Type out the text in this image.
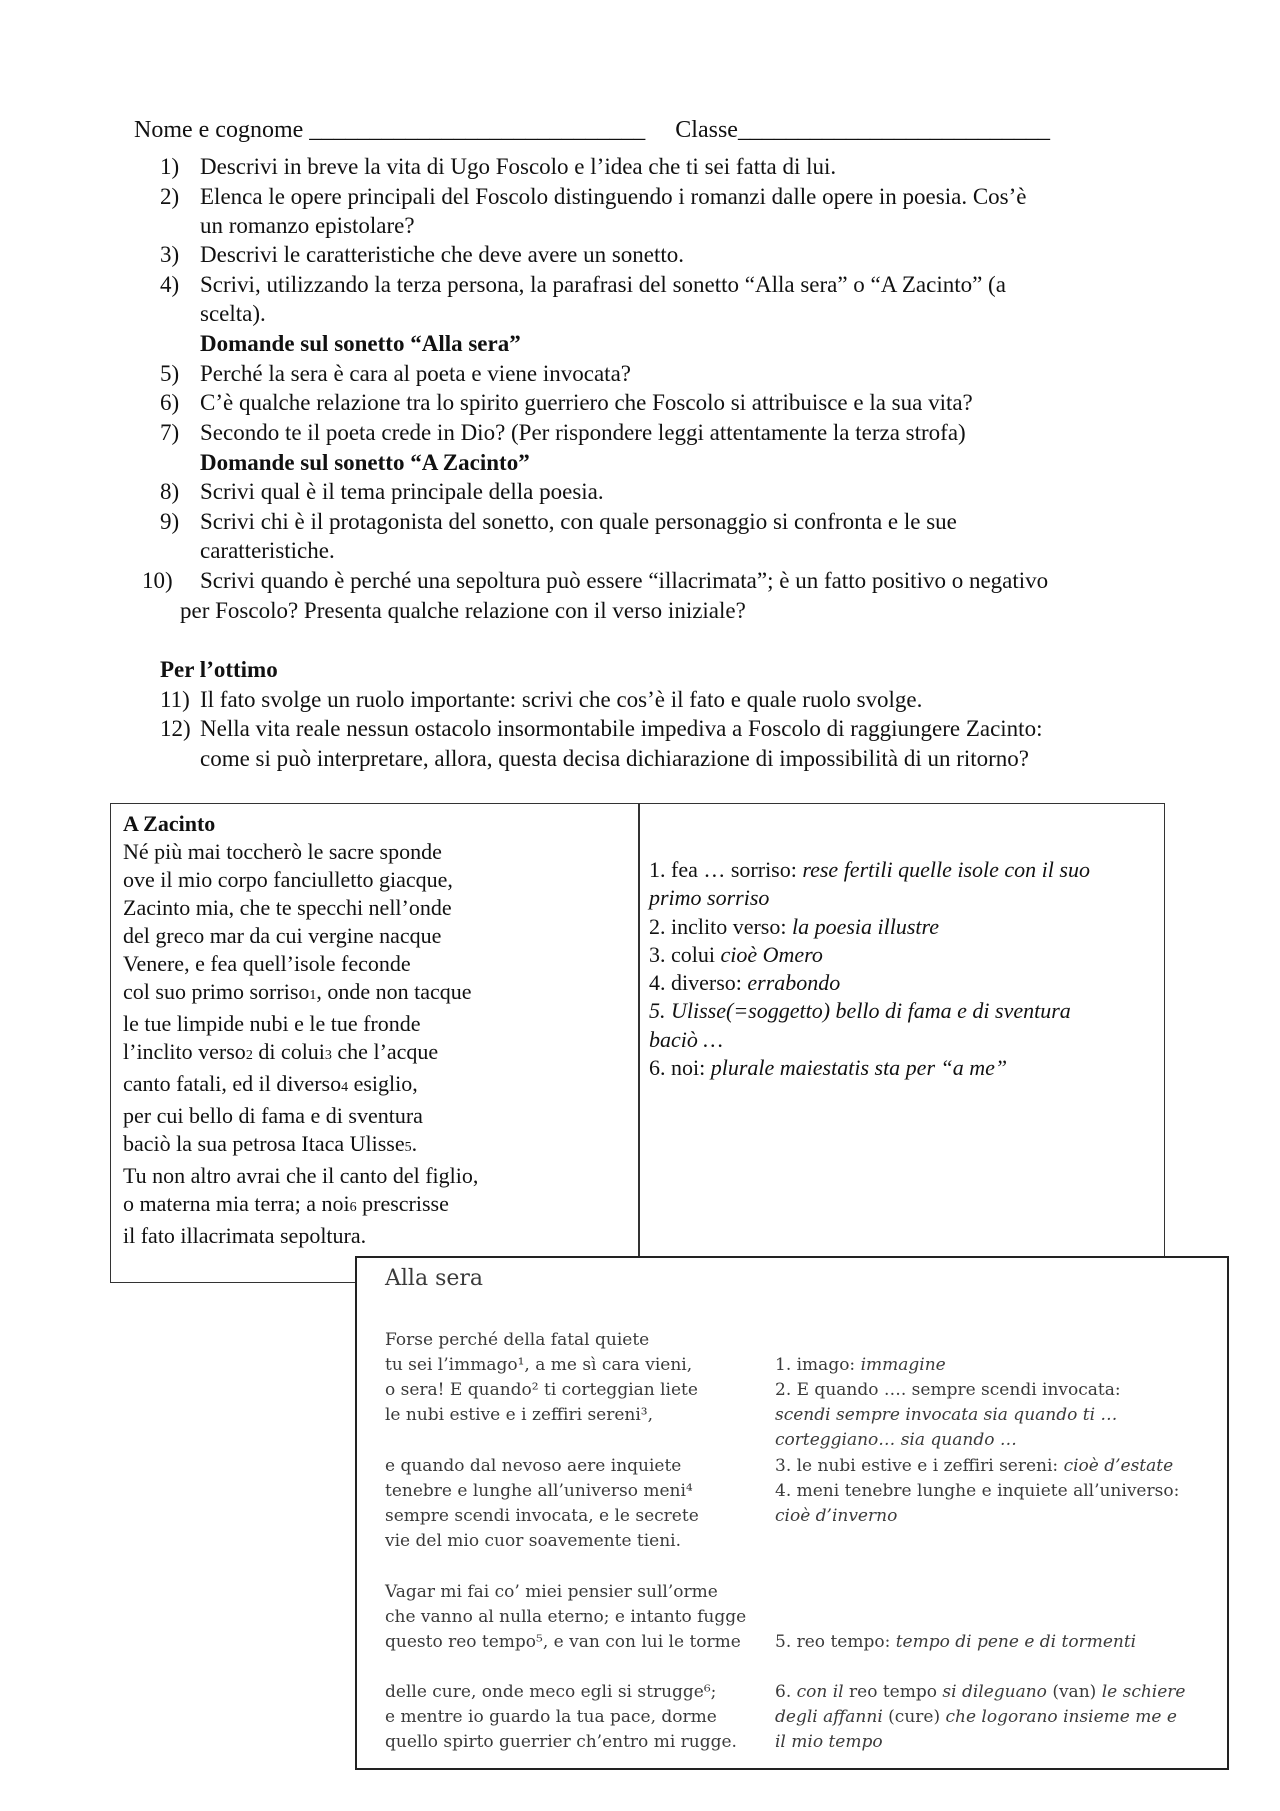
Nome e cognome ____________________________ Classe__________________________

1) Descrivi in breve la vita di Ugo Foscolo e l’idea che ti sei fatta di lui.
2) Elenca le opere principali del Foscolo distinguendo i romanzi dalle opere in poesia. Cos’è
un romanzo epistolare?
3) Descrivi le caratteristiche che deve avere un sonetto.
4) Scrivi, utilizzando la terza persona, la parafrasi del sonetto “Alla sera” o “A Zacinto” (a
scelta).
Domande sul sonetto “Alla sera”
5) Perché la sera è cara al poeta e viene invocata?
6) C’è qualche relazione tra lo spirito guerriero che Foscolo si attribuisce e la sua vita?
7) Secondo te il poeta crede in Dio? (Per rispondere leggi attentamente la terza strofa)
Domande sul sonetto “A Zacinto”
8) Scrivi qual è il tema principale della poesia.
9) Scrivi chi è il protagonista del sonetto, con quale personaggio si confronta e le sue
caratteristiche.
10) Scrivi quando è perché una sepoltura può essere “illacrimata”; è un fatto positivo o negativo
per Foscolo? Presenta qualche relazione con il verso iniziale?
Per l’ottimo
11) Il fato svolge un ruolo importante: scrivi che cos’è il fato e quale ruolo svolge.
12) Nella vita reale nessun ostacolo insormontabile impediva a Foscolo di raggiungere Zacinto:
come si può interpretare, allora, questa decisa dichiarazione di impossibilità di un ritorno?
A Zacinto
Né più mai toccherò le sacre sponde
ove il mio corpo fanciulletto giacque,
Zacinto mia, che te specchi nell’onde
del greco mar da cui vergine nacque
Venere, e fea quell’isole feconde
col suo primo sorriso1, onde non tacque
le tue limpide nubi e le tue fronde
l’inclito verso2 di colui3 che l’acque
canto fatali, ed il diverso4 esiglio,
per cui bello di fama e di sventura
baciò la sua petrosa Itaca Ulisse5.
Tu non altro avrai che il canto del figlio,
o materna mia terra; a noi6 prescrisse
il fato illacrimata sepoltura.
1. fea … sorriso: rese fertili quelle isole con il suo
primo sorriso
2. inclito verso: la poesia illustre
3. colui cioè Omero
4. diverso: errabondo
5. Ulisse(=soggetto) bello di fama e di sventura
baciò …
6. noi: plurale maiestatis sta per “a me”
Alla sera
Forse perché della fatal quiete
tu sei l’immago¹, a me sì cara vieni,
o sera! E quando² ti corteggian liete
le nubi estive e i zeffiri sereni³,
e quando dal nevoso aere inquiete
tenebre e lunghe all’universo meni⁴
sempre scendi invocata, e le secrete
vie del mio cuor soavemente tieni.
Vagar mi fai co’ miei pensier sull’orme
che vanno al nulla eterno; e intanto fugge
questo reo tempo⁵, e van con lui le torme
delle cure, onde meco egli si strugge⁶;
e mentre io guardo la tua pace, dorme
quello spirto guerrier ch’entro mi rugge.
1. imago: immagine
2. E quando …. sempre scendi invocata:
scendi sempre invocata sia quando ti …
corteggiano… sia quando …
3. le nubi estive e i zeffiri sereni: cioè d’estate
4. meni tenebre lunghe e inquiete all’universo:
cioè d’inverno
5. reo tempo: tempo di pene e di tormenti
6. con il reo tempo si dileguano (van) le schiere
degli affanni (cure) che logorano insieme me e
il mio tempo
